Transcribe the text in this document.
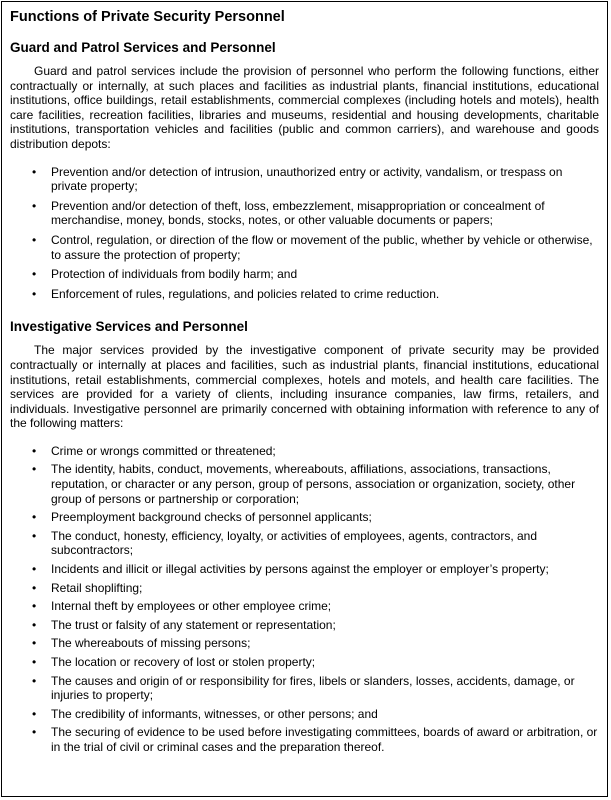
Functions of Private Security Personnel
Guard and Patrol Services and Personnel

Guard and patrol services include the provision of personnel who perform the following functions, either contractually or internally, at such places and facilities as industrial plants, financial institutions, educational institutions, office buildings, retail establishments, commercial complexes (including hotels and motels), health care facilities, recreation facilities, libraries and museums, residential and housing developments, charitable institutions, transportation vehicles and facilities (public and common carriers), and warehouse and goods distribution depots:

• Prevention and/or detection of intrusion, unauthorized entry or activity, vandalism, or trespass on private property;
• Prevention and/or detection of theft, loss, embezzlement, misappropriation or concealment of merchandise, money, bonds, stocks, notes, or other valuable documents or papers;
• Control, regulation, or direction of the flow or movement of the public, whether by vehicle or otherwise, to assure the protection of property;
• Protection of individuals from bodily harm; and
• Enforcement of rules, regulations, and policies related to crime reduction.
Investigative Services and Personnel

The major services provided by the investigative component of private security may be provided contractually or internally at places and facilities, such as industrial plants, financial institutions, educational institutions, retail establishments, commercial complexes, hotels and motels, and health care facilities. The services are provided for a variety of clients, including insurance companies, law firms, retailers, and individuals. Investigative personnel are primarily concerned with obtaining information with reference to any of the following matters:

• Crime or wrongs committed or threatened;
• The identity, habits, conduct, movements, whereabouts, affiliations, associations, transactions, reputation, or character or any person, group of persons, association or organization, society, other group of persons or partnership or corporation;
• Preemployment background checks of personnel applicants;
• The conduct, honesty, efficiency, loyalty, or activities of employees, agents, contractors, and subcontractors;
• Incidents and illicit or illegal activities by persons against the employer or employer’s property;
• Retail shoplifting;
• Internal theft by employees or other employee crime;
• The trust or falsity of any statement or representation;
• The whereabouts of missing persons;
• The location or recovery of lost or stolen property;
• The causes and origin of or responsibility for fires, libels or slanders, losses, accidents, damage, or injuries to property;
• The credibility of informants, witnesses, or other persons; and
• The securing of evidence to be used before investigating committees, boards of award or arbitration, or in the trial of civil or criminal cases and the preparation thereof.
